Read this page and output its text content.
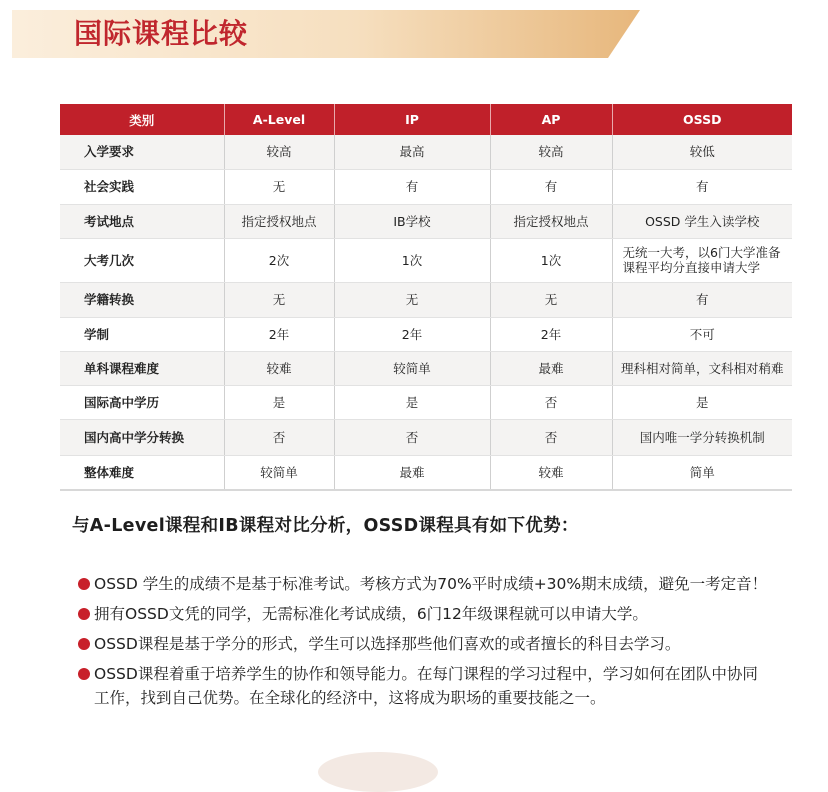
国际课程比较
类别	A-Level	IP	AP	OSSD
入学要求	较高	最高	较高	较低
社会实践	无	有	有	有
考试地点	指定授权地点	IB学校	指定授权地点	OSSD 学生入读学校
大考几次	2次	1次	1次	无统一大考，以6门大学准备课程平均分直接申请大学
学籍转换	无	无	无	有
学制	2年	2年	2年	不可
单科课程难度	较难	较简单	最难	理科相对简单，文科相对稍难
国际高中学历	是	是	否	是
国内高中学分转换	否	否	否	国内唯一学分转换机制
整体难度	较简单	最难	较难	简单
与A-Level课程和IB课程对比分析，OSSD课程具有如下优势：
OSSD 学生的成绩不是基于标准考试。考核方式为70%平时成绩+30%期末成绩，避免一考定音！
拥有OSSD文凭的同学，无需标准化考试成绩，6门12年级课程就可以申请大学。
OSSD课程是基于学分的形式，学生可以选择那些他们喜欢的或者擅长的科目去学习。
OSSD课程着重于培养学生的协作和领导能力。在每门课程的学习过程中，学习如何在团队中协同工作，找到自己优势。在全球化的经济中，这将成为职场的重要技能之一。
